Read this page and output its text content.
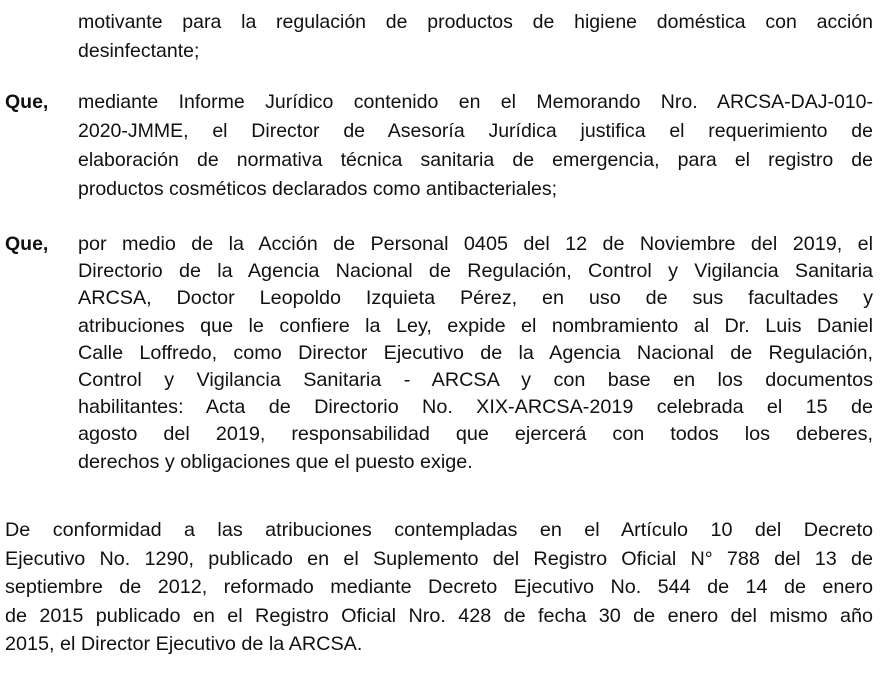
motivante para la regulación de productos de higiene doméstica con acción
desinfectante;
Que, mediante Informe Jurídico contenido en el Memorando Nro. ARCSA-DAJ-010-
2020-JMME, el Director de Asesoría Jurídica justifica el requerimiento de
elaboración de normativa técnica sanitaria de emergencia, para el registro de
productos cosméticos declarados como antibacteriales;
Que, por medio de la Acción de Personal 0405 del 12 de Noviembre del 2019, el
Directorio de la Agencia Nacional de Regulación, Control y Vigilancia Sanitaria
ARCSA, Doctor Leopoldo Izquieta Pérez, en uso de sus facultades y
atribuciones que le confiere la Ley, expide el nombramiento al Dr. Luis Daniel
Calle Loffredo, como Director Ejecutivo de la Agencia Nacional de Regulación,
Control y Vigilancia Sanitaria - ARCSA y con base en los documentos
habilitantes: Acta de Directorio No. XIX-ARCSA-2019 celebrada el 15 de
agosto del 2019, responsabilidad que ejercerá con todos los deberes,
derechos y obligaciones que el puesto exige.
De conformidad a las atribuciones contempladas en el Artículo 10 del Decreto
Ejecutivo No. 1290, publicado en el Suplemento del Registro Oficial N° 788 del 13 de
septiembre de 2012, reformado mediante Decreto Ejecutivo No. 544 de 14 de enero
de 2015 publicado en el Registro Oficial Nro. 428 de fecha 30 de enero del mismo año
2015, el Director Ejecutivo de la ARCSA.
